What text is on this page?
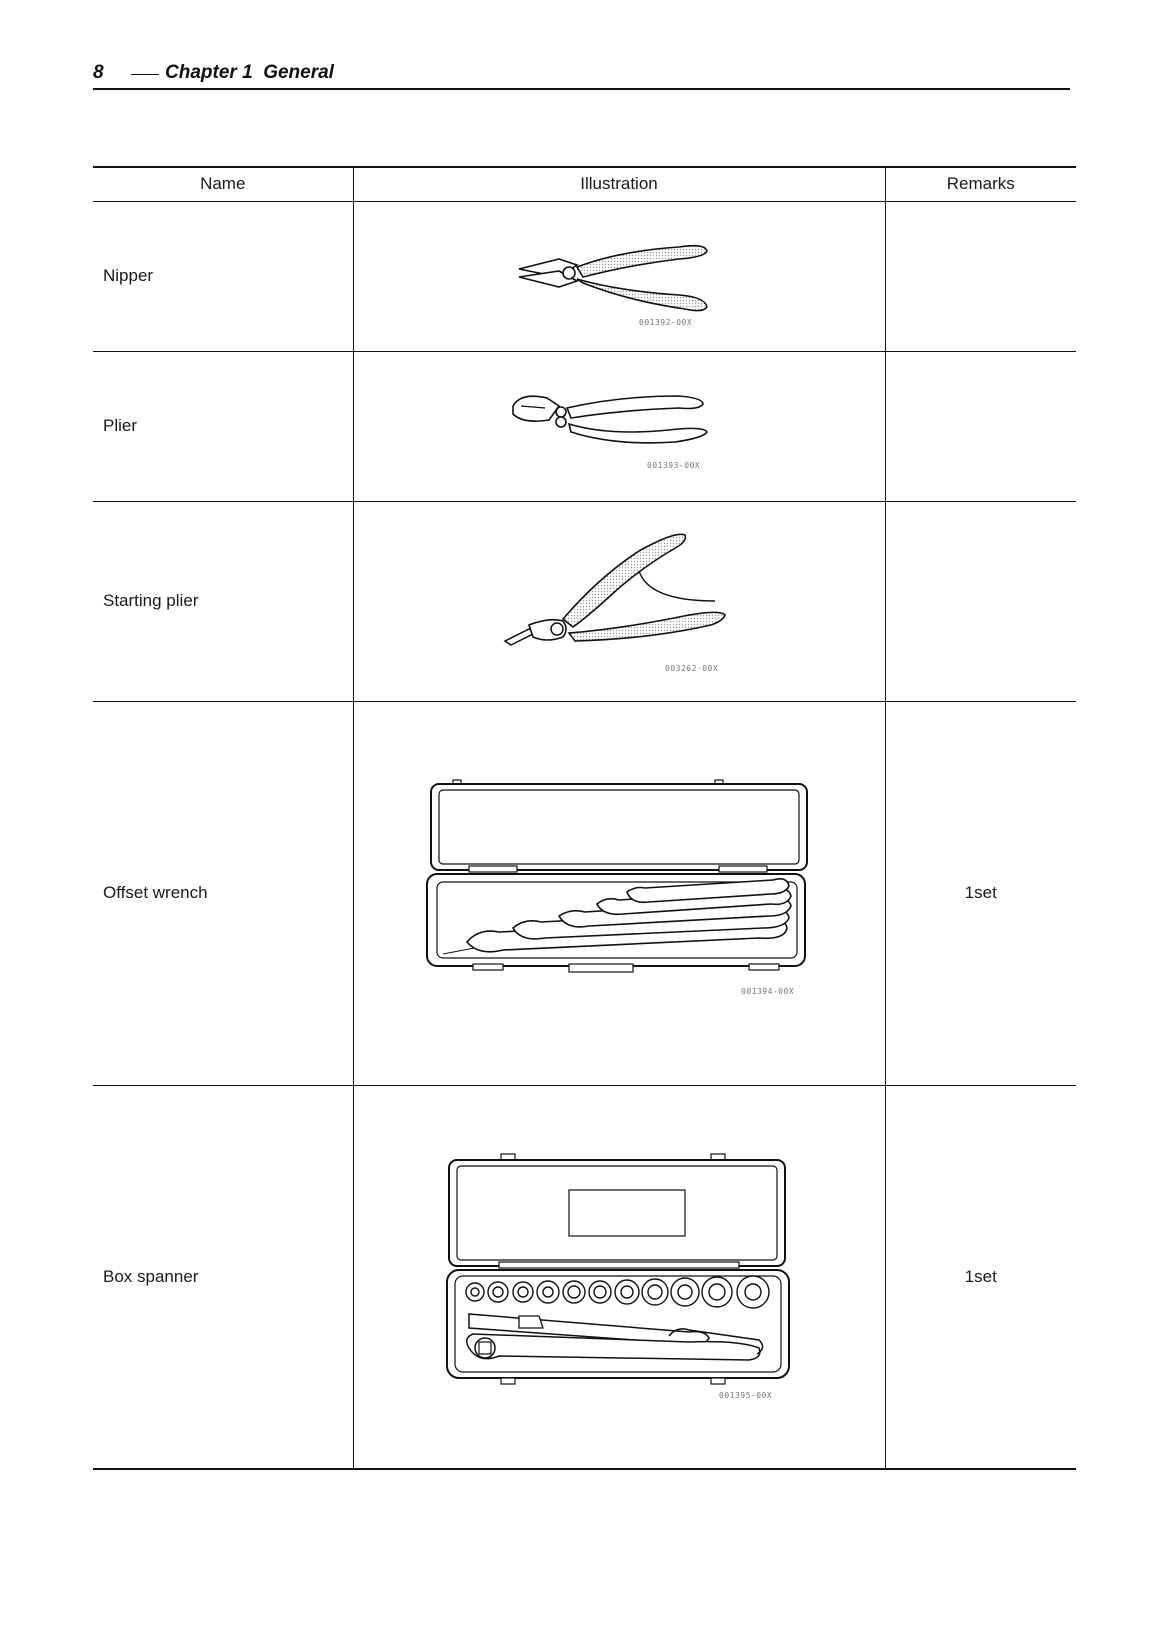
8	Chapter 1  General
Name	Illustration	Remarks
Nipper	001392-00X	

Plier	001393-00X	

Starting plier	003262-00X	

Offset wrench	001394-00X	1set
Box spanner	001395-00X	1set
